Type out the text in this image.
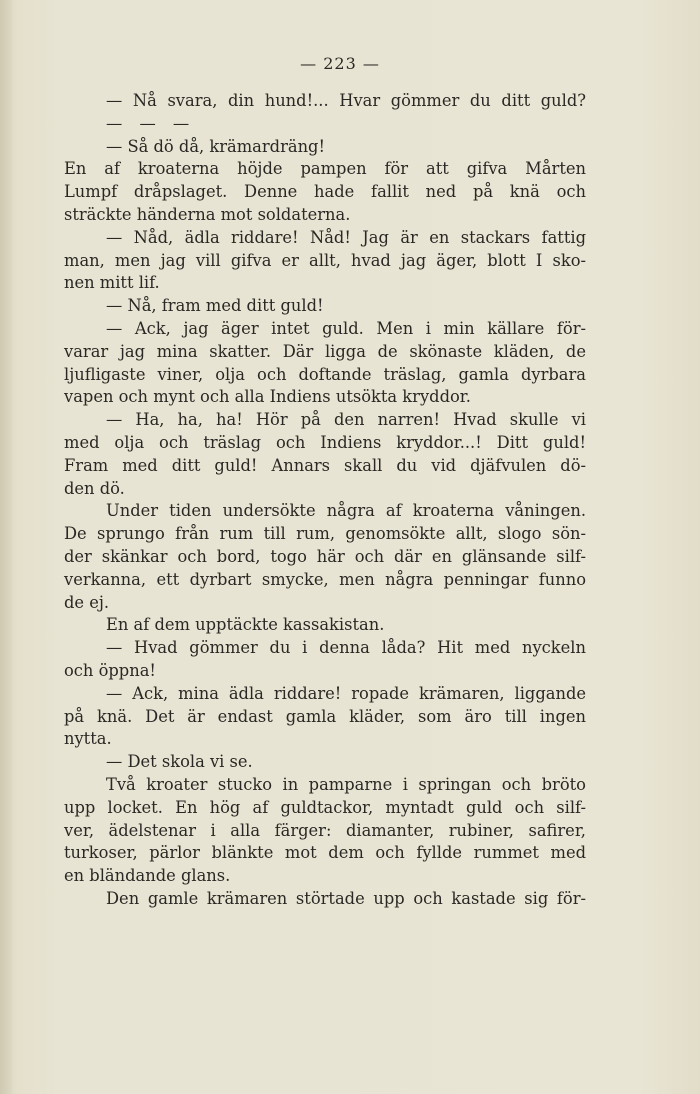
— 223 —
— Nå svara, din hund!... Hvar gömmer du ditt guld?
— — —
— Så dö då, krämardräng!
En af kroaterna höjde pampen för att gifva Mårten
Lumpf dråpslaget. Denne hade fallit ned på knä och
sträckte händerna mot soldaterna.
— Nåd, ädla riddare! Nåd! Jag är en stackars fattig
man, men jag vill gifva er allt, hvad jag äger, blott I sko-
nen mitt lif.
— Nå, fram med ditt guld!
— Ack, jag äger intet guld. Men i min källare för-
varar jag mina skatter. Där ligga de skönaste kläden, de
ljufligaste viner, olja och doftande träslag, gamla dyrbara
vapen och mynt och alla Indiens utsökta kryddor.
— Ha, ha, ha! Hör på den narren! Hvad skulle vi
med olja och träslag och Indiens kryddor...! Ditt guld!
Fram med ditt guld! Annars skall du vid djäfvulen dö-
den dö.
Under tiden undersökte några af kroaterna våningen.
De sprungo från rum till rum, genomsökte allt, slogo sön-
der skänkar och bord, togo här och där en glänsande silf-
verkanna, ett dyrbart smycke, men några penningar funno
de ej.
En af dem upptäckte kassakistan.
— Hvad gömmer du i denna låda? Hit med nyckeln
och öppna!
— Ack, mina ädla riddare! ropade krämaren, liggande
på knä. Det är endast gamla kläder, som äro till ingen
nytta.
— Det skola vi se.
Två kroater stucko in pamparne i springan och bröto
upp locket. En hög af guldtackor, myntadt guld och silf-
ver, ädelstenar i alla färger: diamanter, rubiner, safirer,
turkoser, pärlor blänkte mot dem och fyllde rummet med
en bländande glans.
Den gamle krämaren störtade upp och kastade sig för-
